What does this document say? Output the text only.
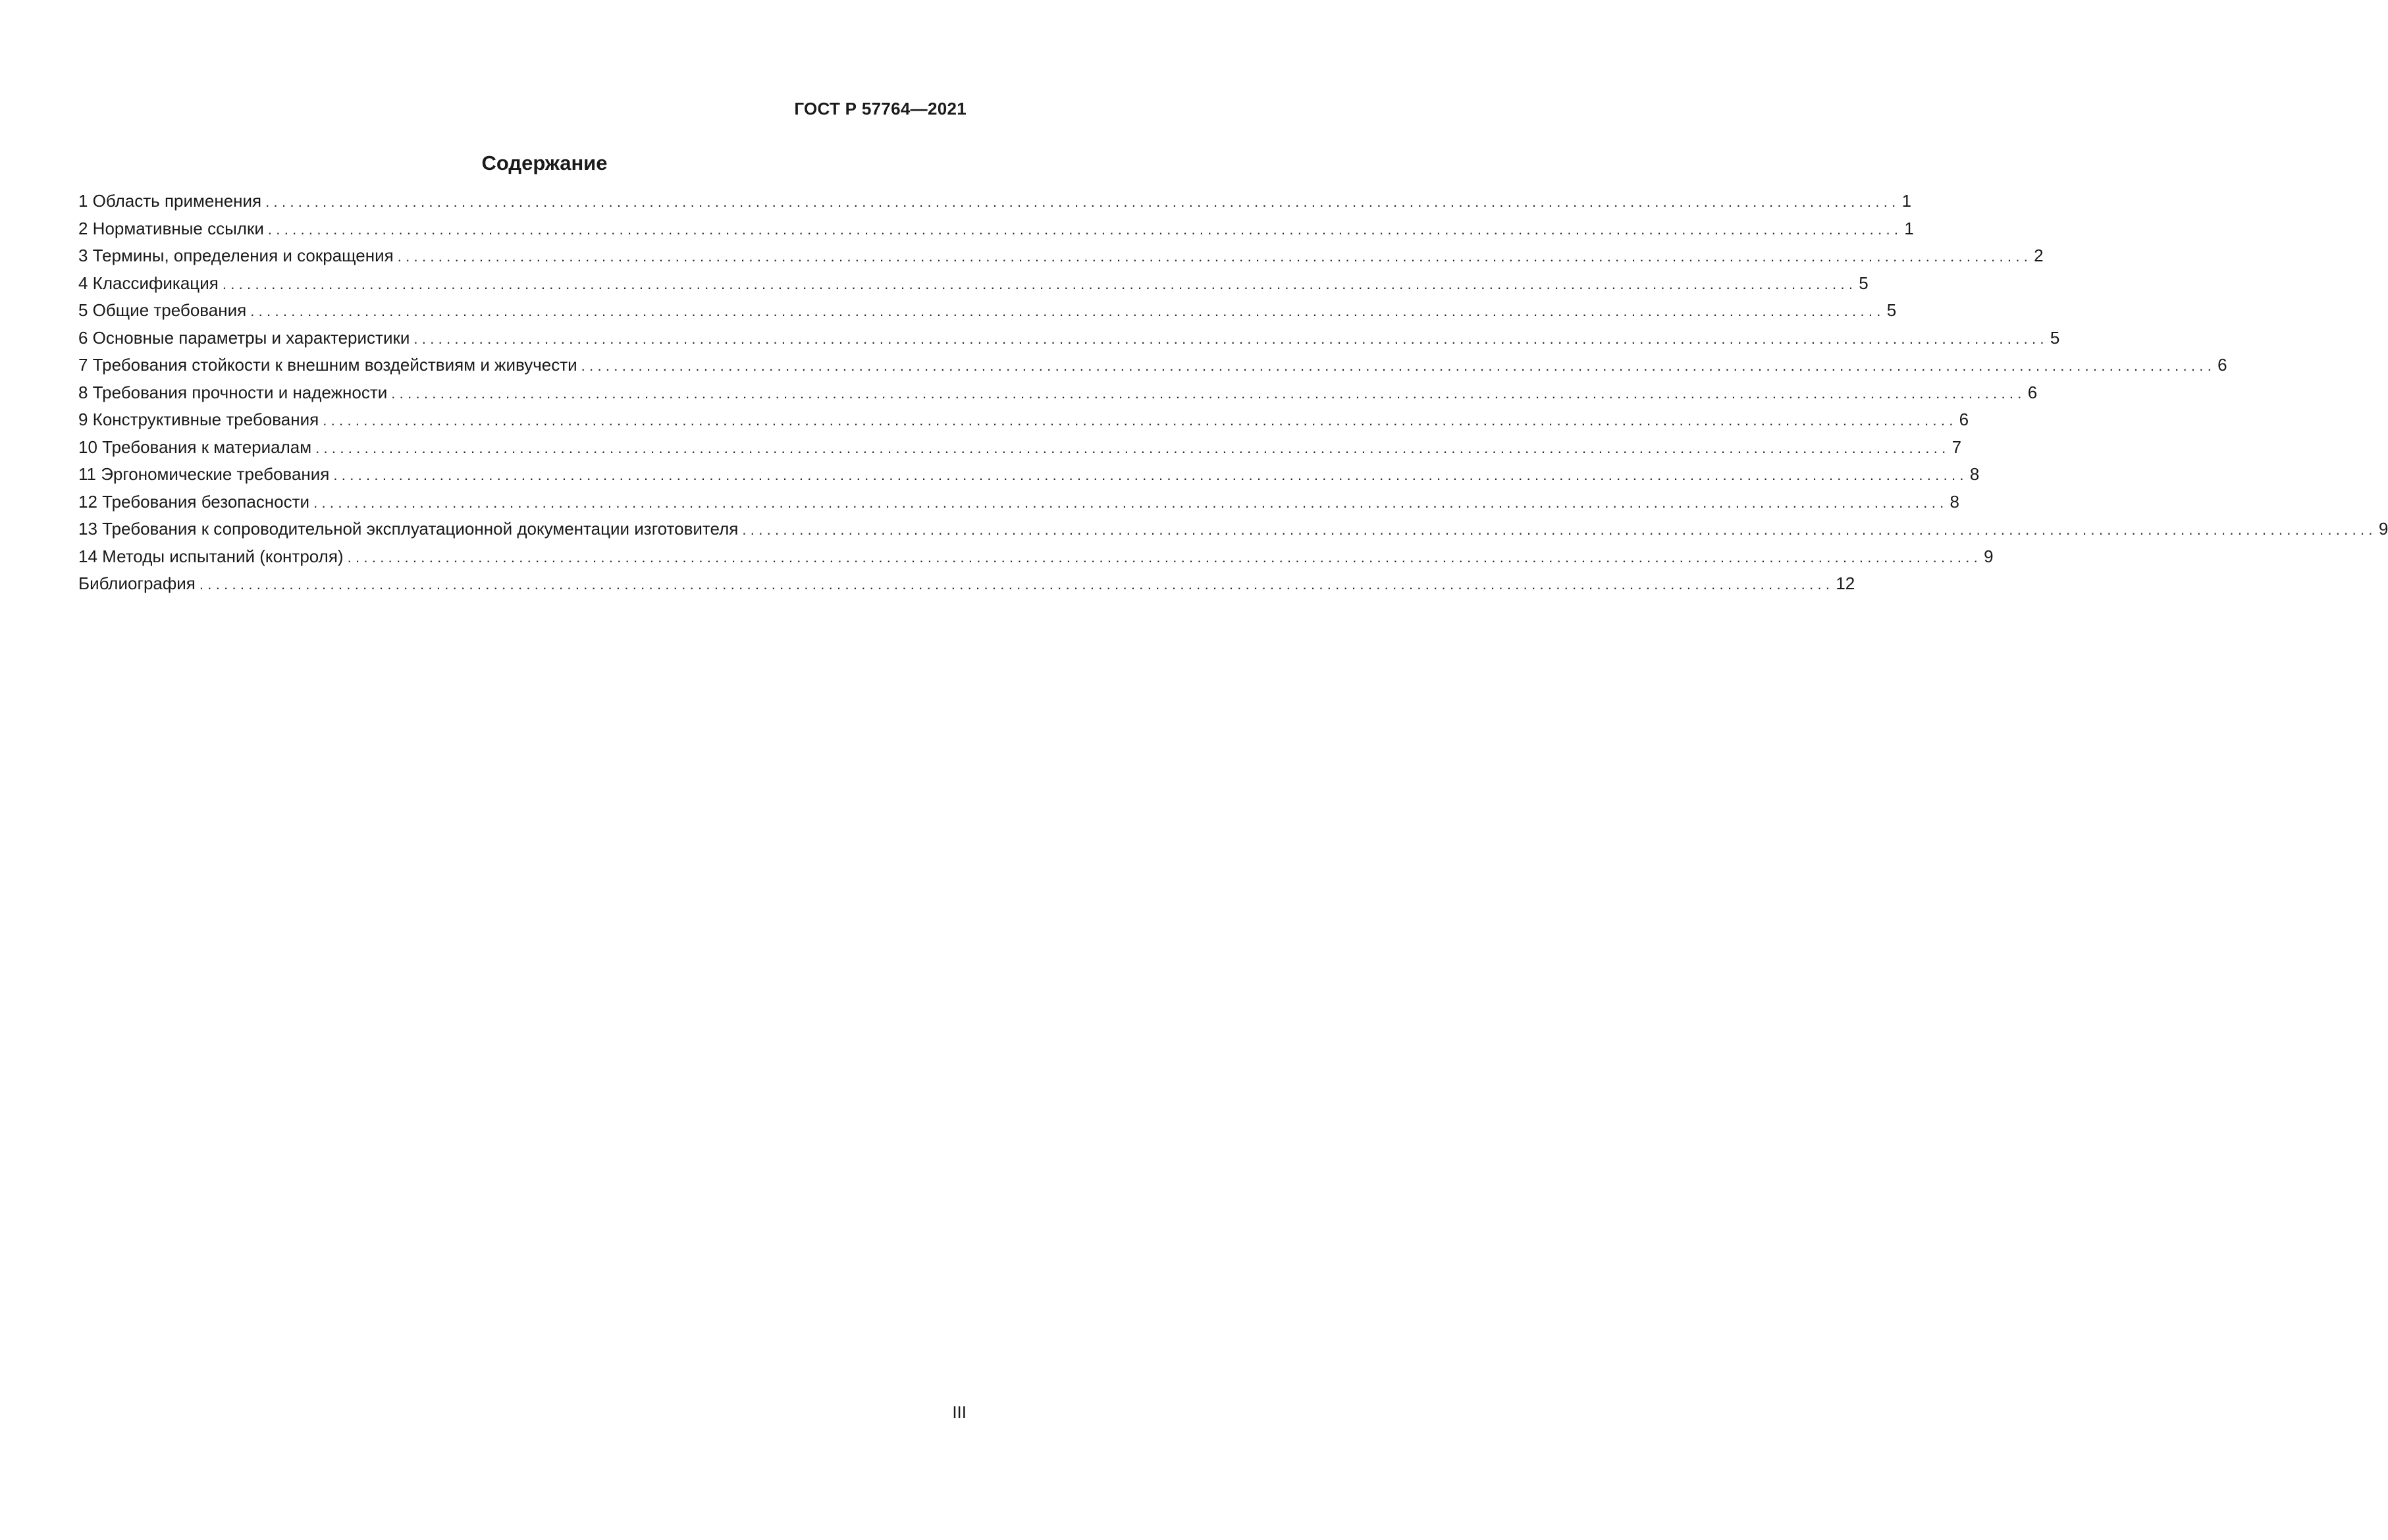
ГОСТ Р 57764—2021
Содержание
1 Область применения ........................................................................................................................................................................................................ 1
2 Нормативные ссылки ........................................................................................................................................................................................................ 1
3 Термины, определения и сокращения ........................................................................................................................................................................................................ 2
4 Классификация ........................................................................................................................................................................................................ 5
5 Общие требования ........................................................................................................................................................................................................ 5
6 Основные параметры и характеристики ........................................................................................................................................................................................................ 5
7 Требования стойкости к внешним воздействиям и живучести ........................................................................................................................................................................................................ 6
8 Требования прочности и надежности ........................................................................................................................................................................................................ 6
9 Конструктивные требования ........................................................................................................................................................................................................ 6
10 Требования к материалам ........................................................................................................................................................................................................ 7
11 Эргономические требования ........................................................................................................................................................................................................ 8
12 Требования безопасности ........................................................................................................................................................................................................ 8
13 Требования к сопроводительной эксплуатационной документации изготовителя ........................................................................................................................................................................................................ 9
14 Методы испытаний (контроля) ........................................................................................................................................................................................................ 9
Библиография ........................................................................................................................................................................................................ 12
III
